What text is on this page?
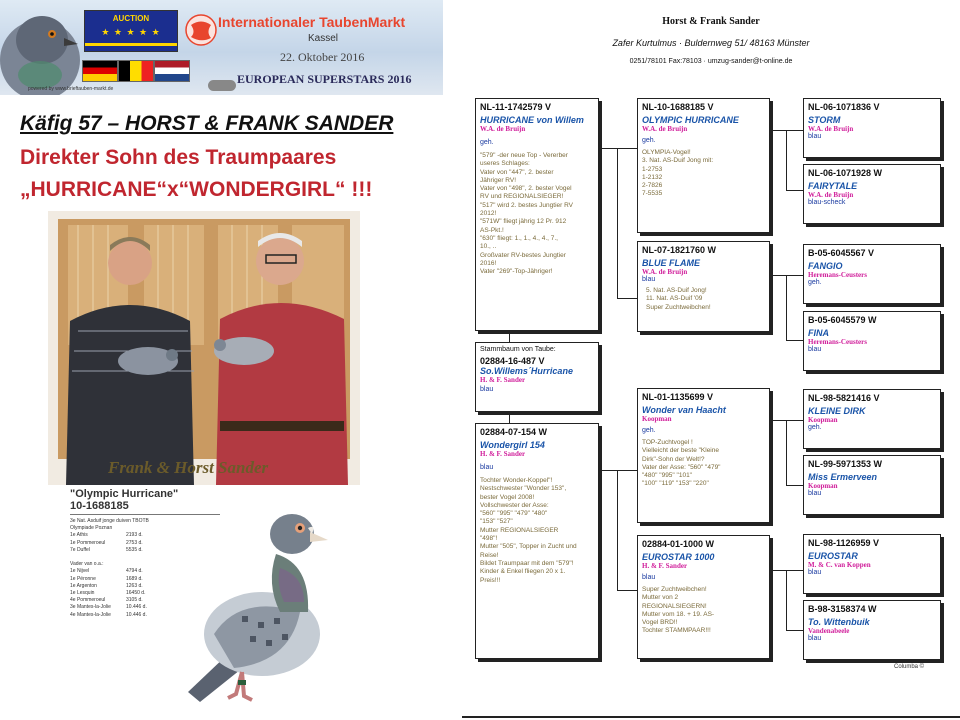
AUCTION
★ ★ ★ ★ ★
Internationaler TaubenMarkt
Kassel
22. Oktober 2016
EUROPEAN SUPERSTARS 2016
powered by www.brieftauben-markt.de
Käfig 57 – HORST & FRANK SANDER
Direkter Sohn des Traumpaares
„HURRICANE“x“WONDERGIRL“ !!!
Frank & Horst Sander
"Olympic Hurricane"
10-1688185
3e Nat. Asduif jonge duiven TBOTB
Olympiade Poznan
1e Athis	2193 d.
1e Pommeroeul	2753 d.
7e Duffel	5535 d.
Vader van o.a.:
1e Nijvel	4794 d.
1e Péronne	1689 d.
1e Argenton	1263 d.
1e Lesquin	16450 d.
4e Pommeroeul	3105 d.
3e Mantes-la-Jolie	10.446 d.
4e Mantes-la-Jolie	10.446 d.
Horst & Frank Sander
Zafer Kurtulmus · Buldernweg 51/ 48163 Münster
0251/78101 Fax:78103 · umzug-sander@t-online.de
Stammbaum von Taube:
02884-16-487 V
So.Willems´Hurricane
H. & F. Sander
blau
NL-11-1742579 V
HURRICANE von Willem
W.A. de Bruijn
geh.
"579" -der neue Top - Vererber
useres Schlages:
Vater von "447", 2. bester
Jähriger RV!
Vater von "498", 2. bester Vogel
RV und REGIONALSIEGER!
"517" wird 2. bestes Jungtier RV
2012!
"571W" fliegt jährig 12 Pr. 912
AS-Pkt.!
"630" fliegt: 1., 1., 4., 4., 7.,
10., ..
Großvater RV-bestes Jungtier
2016!
Vater "269"-Top-Jähriger!
02884-07-154 W
Wondergirl 154
H. & F. Sander
blau
Tochter Wonder-Koppel"!
Nestschwester "Wonder 153",
bester Vogel 2008!
Vollschwester der Asse:
"560" "995" "479" "480"
"153" "527"
Mutter REGIONALSIEGER
"498"!
Mutter "505", Topper in Zucht und
Reise!
Bildet Traumpaar mit dem "579"!
Kinder & Enkel fliegen 20 x 1.
Preis!!!
NL-10-1688185 V
OLYMPIC HURRICANE
W.A. de Bruijn
geh.
OLYMPIA-Vogel!
3. Nat. AS-Duif Jong mit:
1-2753
1-2132
2-7826
7-5535
NL-07-1821760 W
BLUE FLAME
W.A. de Bruijn
blau
5. Nat. AS-Duif Jong!
11. Nat. AS-Duif '09
Super Zuchtweibchen!
NL-01-1135699 V
Wonder van Haacht
Koopman
geh.
TOP-Zuchtvogel !
Vielleicht der beste "Kleine
Dirk"-Sohn der Welt!?
Vater der Asse: "560" "479"
"480" "995" "101"
"100" "119" "153" "220"
02884-01-1000 W
EUROSTAR 1000
H. & F. Sander
blau
Super Zuchtweibchen!
Mutter von 2
REGIONALSIEGERN!
Mutter vom 18. + 19. AS-
Vogel BRD!!
Tochter STAMMPAAR!!!
NL-06-1071836 V
STORM
W.A. de Bruijn
blau
NL-06-1071928 W
FAIRYTALE
W.A. de Bruijn
blau-scheck
B-05-6045567 V
FANGIO
Heremans-Ceusters
geh.
B-05-6045579 W
FINA
Heremans-Ceusters
blau
NL-98-5821416 V
KLEINE DIRK
Koopman
geh.
NL-99-5971353 W
Miss Ermerveen
Koopman
blau
NL-98-1126959 V
EUROSTAR
M. & C. van Koppen
blau
B-98-3158374 W
To. Wittenbuik
Vandenabeele
blau
Columba ©
